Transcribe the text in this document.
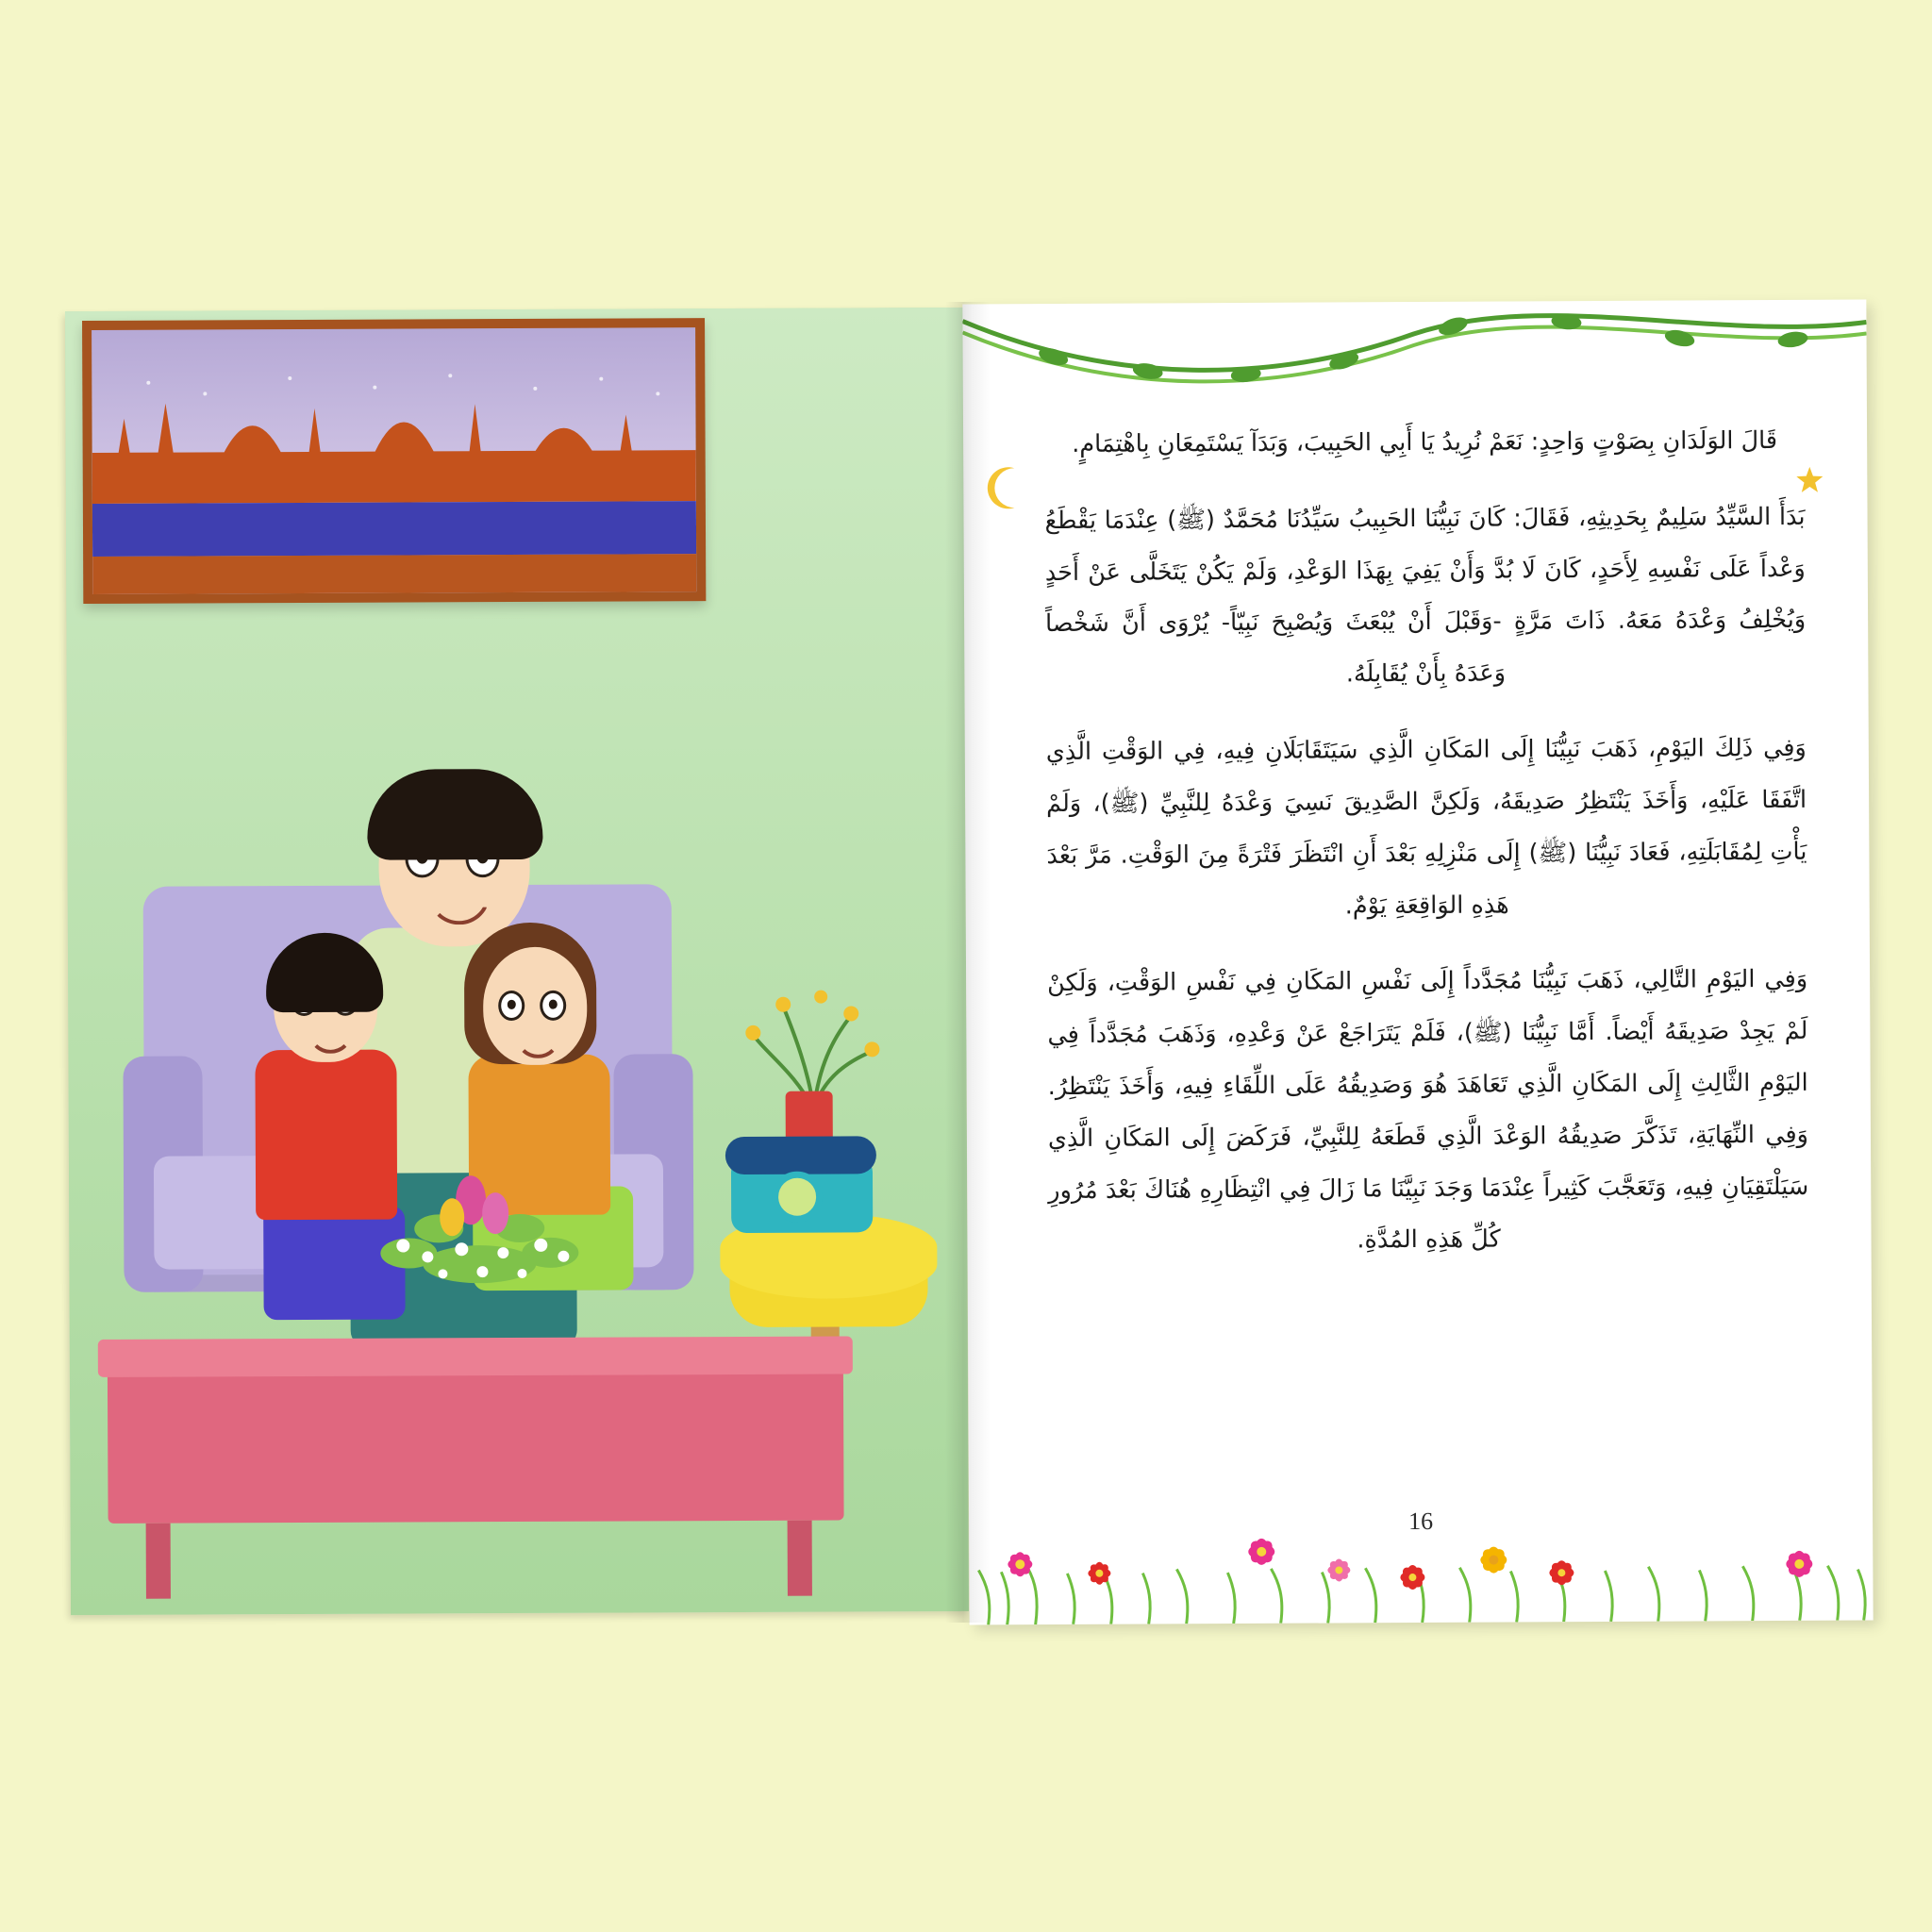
قَالَ الوَلَدَانِ بِصَوْتٍ وَاحِدٍ: نَعَمْ نُرِيدُ يَا أَبِي الحَبِيبَ، وَبَدَآ يَسْتَمِعَانِ بِاهْتِمَامٍ.

بَدَأَ السَّيِّدُ سَلِيمٌ بِحَدِيثِهِ، فَقَالَ: كَانَ نَبِيُّنَا الحَبِيبُ سَيِّدُنَا مُحَمَّدٌ (ﷺ) عِنْدَمَا يَقْطَعُ وَعْداً عَلَى نَفْسِهِ لِأَحَدٍ، كَانَ لَا بُدَّ وَأَنْ يَفِيَ بِهَذَا الوَعْدِ، وَلَمْ يَكُنْ يَتَخَلَّى عَنْ أَحَدٍ وَيُخْلِفُ وَعْدَهُ مَعَهُ. ذَاتَ مَرَّةٍ -وَقَبْلَ أَنْ يُبْعَثَ وَيُصْبِحَ نَبِيّاً- يُرْوَى أَنَّ شَخْصاً وَعَدَهُ بِأَنْ يُقَابِلَهُ.

وَفِي ذَلِكَ اليَوْمِ، ذَهَبَ نَبِيُّنَا إِلَى المَكَانِ الَّذِي سَيَتَقَابَلَانِ فِيهِ، فِي الوَقْتِ الَّذِي اتَّفَقَا عَلَيْهِ، وَأَخَذَ يَنْتَظِرُ صَدِيقَهُ، وَلَكِنَّ الصَّدِيقَ نَسِيَ وَعْدَهُ لِلنَّبِيِّ (ﷺ)، وَلَمْ يَأْتِ لِمُقَابَلَتِهِ، فَعَادَ نَبِيُّنَا (ﷺ) إِلَى مَنْزِلِهِ بَعْدَ أَنِ انْتَظَرَ فَتْرَةً مِنَ الوَقْتِ. مَرَّ بَعْدَ هَذِهِ الوَاقِعَةِ يَوْمٌ.

وَفِي اليَوْمِ التَّالِي، ذَهَبَ نَبِيُّنَا مُجَدَّداً إِلَى نَفْسِ المَكَانِ فِي نَفْسِ الوَقْتِ، وَلَكِنْ لَمْ يَجِدْ صَدِيقَهُ أَيْضاً. أَمَّا نَبِيُّنَا (ﷺ)، فَلَمْ يَتَرَاجَعْ عَنْ وَعْدِهِ، وَذَهَبَ مُجَدَّداً فِي اليَوْمِ الثَّالِثِ إِلَى المَكَانِ الَّذِي تَعَاهَدَ هُوَ وَصَدِيقُهُ عَلَى اللِّقَاءِ فِيهِ، وَأَخَذَ يَنْتَظِرُ. وَفِي النِّهَايَةِ، تَذَكَّرَ صَدِيقُهُ الوَعْدَ الَّذِي قَطَعَهُ لِلنَّبِيِّ، فَرَكَضَ إِلَى المَكَانِ الَّذِي سَيَلْتَقِيَانِ فِيهِ، وَتَعَجَّبَ كَثِيراً عِنْدَمَا وَجَدَ نَبِيَّنَا مَا زَالَ فِي انْتِظَارِهِ هُنَاكَ بَعْدَ مُرُورِ كُلِّ هَذِهِ المُدَّةِ.

16
